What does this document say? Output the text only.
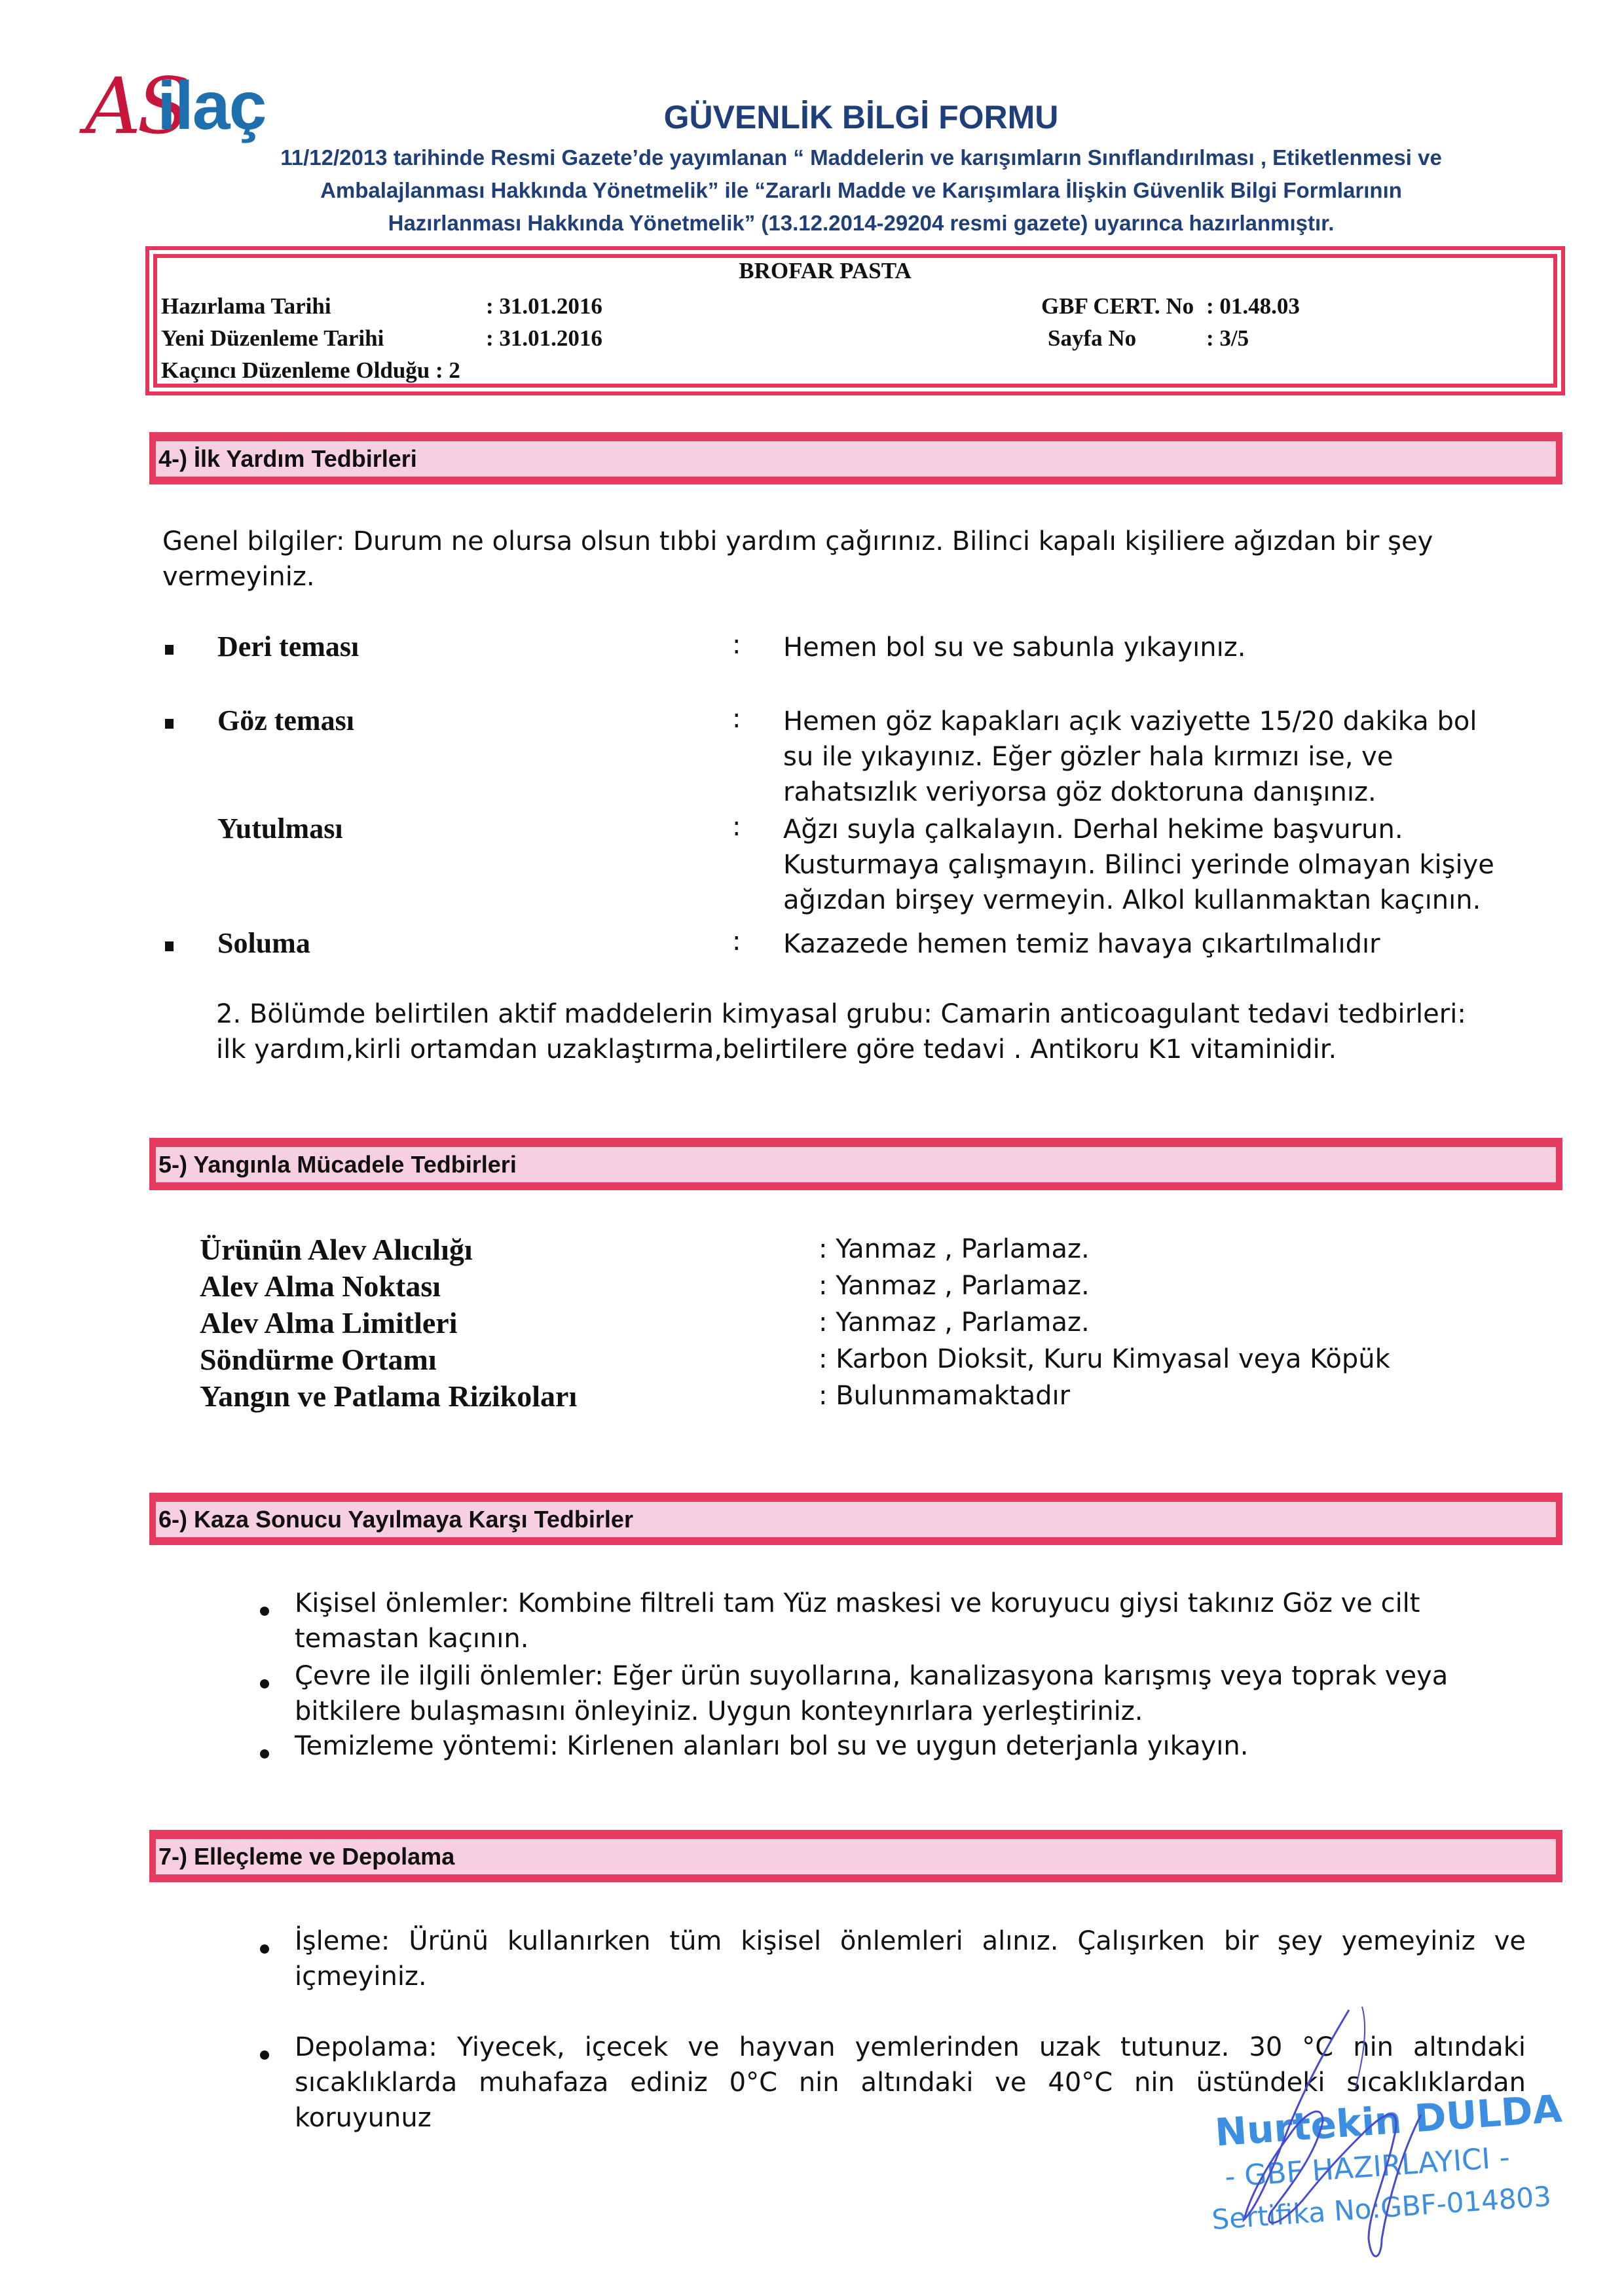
AS
ilaç	GÜVENLİK BİLGİ FORMU
11/12/2013 tarihinde Resmi Gazete’de yayımlanan “ Maddelerin ve karışımların Sınıflandırılması , Etiketlenmesi ve
Ambalajlanması Hakkında Yönetmelik” ile “Zararlı Madde ve Karışımlara İlişkin Güvenlik Bilgi Formlarının
Hazırlanması Hakkında Yönetmelik” (13.12.2014-29204 resmi gazete) uyarınca hazırlanmıştır.
BROFAR PASTA
Hazırlama Tarihi	: 31.01.2016
Yeni Düzenleme Tarihi	: 31.01.2016
Kaçıncı Düzenleme Olduğu : 2
GBF CERT. No : 01.48.03
Sayfa No	: 3/5
4-) İlk Yardım Tedbirleri
Genel bilgiler: Durum ne olursa olsun tıbbi yardım çağırınız. Bilinci kapalı kişiliere ağızdan bir şey
vermeyiniz.
Deri teması	: Hemen bol su ve sabunla yıkayınız.
Göz teması	: Hemen göz kapakları açık vaziyette 15/20 dakika bol
su ile yıkayınız. Eğer gözler hala kırmızı ise, ve
rahatsızlık veriyorsa göz doktoruna danışınız.
Yutulması	: Ağzı suyla çalkalayın. Derhal hekime başvurun.
Kusturmaya çalışmayın. Bilinci yerinde olmayan kişiye
ağızdan birşey vermeyin. Alkol kullanmaktan kaçının.
Soluma	: Kazazede hemen temiz havaya çıkartılmalıdır
2. Bölümde belirtilen aktif maddelerin kimyasal grubu: Camarin anticoagulant tedavi tedbirleri:
ilk yardım,kirli ortamdan uzaklaştırma,belirtilere göre tedavi . Antikoru K1 vitaminidir.
5-) Yangınla Mücadele Tedbirleri
Ürünün Alev Alıcılığı	: Yanmaz , Parlamaz.
Alev Alma Noktası	: Yanmaz , Parlamaz.
Alev Alma Limitleri	: Yanmaz , Parlamaz.
Söndürme Ortamı	: Karbon Dioksit, Kuru Kimyasal veya Köpük
Yangın ve Patlama Rizikoları	: Bulunmamaktadır
6-) Kaza Sonucu Yayılmaya Karşı Tedbirler
Kişisel önlemler: Kombine filtreli tam Yüz maskesi ve koruyucu giysi takınız Göz ve cilt
temastan kaçının.
Çevre ile ilgili önlemler: Eğer ürün suyollarına, kanalizasyona karışmış veya toprak veya
bitkilere bulaşmasını önleyiniz. Uygun konteynırlara yerleştiriniz.
Temizleme yöntemi: Kirlenen alanları bol su ve uygun deterjanla yıkayın.
7-) Elleçleme ve Depolama
İşleme: Ürünü kullanırken tüm kişisel önlemleri alınız. Çalışırken bir şey yemeyiniz ve
içmeyiniz.
Depolama: Yiyecek, içecek ve hayvan yemlerinden uzak tutunuz. 30 °C nin altındaki
sıcaklıklarda muhafaza ediniz 0°C nin altındaki ve 40°C nin üstündeki sıcaklıklardan
koruyunuz	Nurtekin DULDA
- GBF HAZIRLAYICI -
Sertifika No:GBF-014803
